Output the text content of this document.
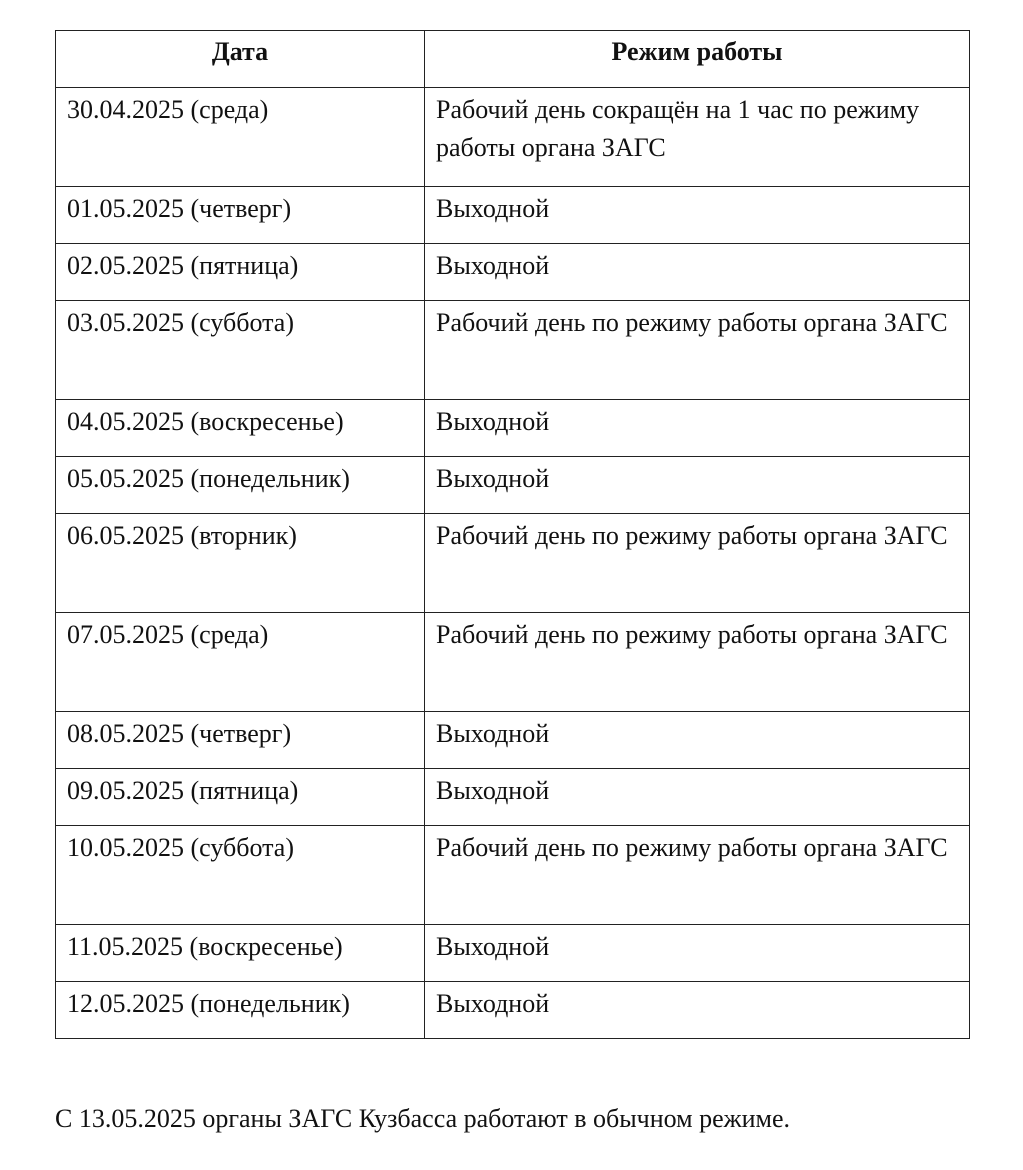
Дата	Режим работы
30.04.2025 (среда)	Рабочий день сокращён на 1 час по режиму работы органа ЗАГС
01.05.2025 (четверг)	Выходной
02.05.2025 (пятница)	Выходной
03.05.2025 (суббота)	Рабочий день по режиму работы органа ЗАГС
04.05.2025 (воскресенье)	Выходной
05.05.2025 (понедельник)	Выходной
06.05.2025 (вторник)	Рабочий день по режиму работы органа ЗАГС
07.05.2025 (среда)	Рабочий день по режиму работы органа ЗАГС
08.05.2025 (четверг)	Выходной
09.05.2025 (пятница)	Выходной
10.05.2025 (суббота)	Рабочий день по режиму работы органа ЗАГС
11.05.2025 (воскресенье)	Выходной
12.05.2025 (понедельник)	Выходной

С 13.05.2025 органы ЗАГС Кузбасса работают в обычном режиме.
